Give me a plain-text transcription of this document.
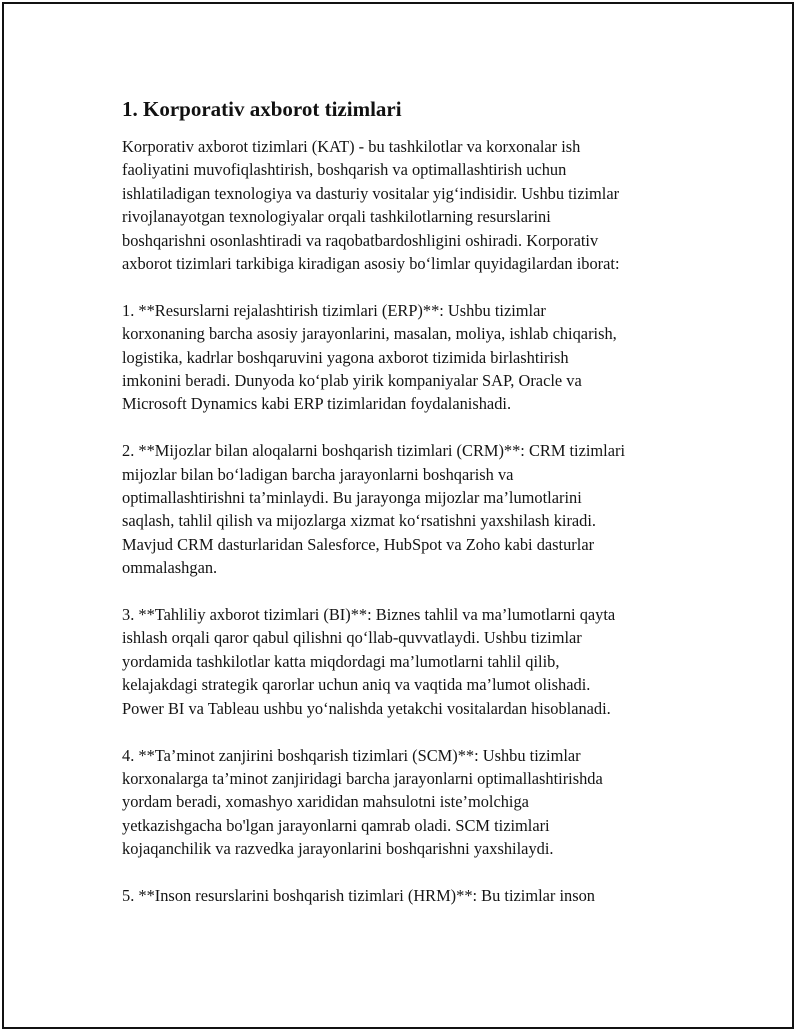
1. Korporativ axborot tizimlari

Korporativ axborot tizimlari (KAT) - bu tashkilotlar va korxonalar ish
faoliyatini muvofiqlashtirish, boshqarish va optimallashtirish uchun
ishlatiladigan texnologiya va dasturiy vositalar yig‘indisidir. Ushbu tizimlar
rivojlanayotgan texnologiyalar orqali tashkilotlarning resurslarini
boshqarishni osonlashtiradi va raqobatbardoshligini oshiradi. Korporativ
axborot tizimlari tarkibiga kiradigan asosiy bo‘limlar quyidagilardan iborat:

1. **Resurslarni rejalashtirish tizimlari (ERP)**: Ushbu tizimlar
korxonaning barcha asosiy jarayonlarini, masalan, moliya, ishlab chiqarish,
logistika, kadrlar boshqaruvini yagona axborot tizimida birlashtirish
imkonini beradi. Dunyoda ko‘plab yirik kompaniyalar SAP, Oracle va
Microsoft Dynamics kabi ERP tizimlaridan foydalanishadi.

2. **Mijozlar bilan aloqalarni boshqarish tizimlari (CRM)**: CRM tizimlari
mijozlar bilan bo‘ladigan barcha jarayonlarni boshqarish va
optimallashtirishni ta’minlaydi. Bu jarayonga mijozlar ma’lumotlarini
saqlash, tahlil qilish va mijozlarga xizmat ko‘rsatishni yaxshilash kiradi.
Mavjud CRM dasturlaridan Salesforce, HubSpot va Zoho kabi dasturlar
ommalashgan.

3. **Tahliliy axborot tizimlari (BI)**: Biznes tahlil va ma’lumotlarni qayta
ishlash orqali qaror qabul qilishni qo‘llab-quvvatlaydi. Ushbu tizimlar
yordamida tashkilotlar katta miqdordagi ma’lumotlarni tahlil qilib,
kelajakdagi strategik qarorlar uchun aniq va vaqtida ma’lumot olishadi.
Power BI va Tableau ushbu yo‘nalishda yetakchi vositalardan hisoblanadi.

4. **Ta’minot zanjirini boshqarish tizimlari (SCM)**: Ushbu tizimlar
korxonalarga ta’minot zanjiridagi barcha jarayonlarni optimallashtirishda
yordam beradi, xomashyo xarididan mahsulotni iste’molchiga
yetkazishgacha bo'lgan jarayonlarni qamrab oladi. SCM tizimlari
kojaqanchilik va razvedka jarayonlarini boshqarishni yaxshilaydi.

5. **Inson resurslarini boshqarish tizimlari (HRM)**: Bu tizimlar inson
